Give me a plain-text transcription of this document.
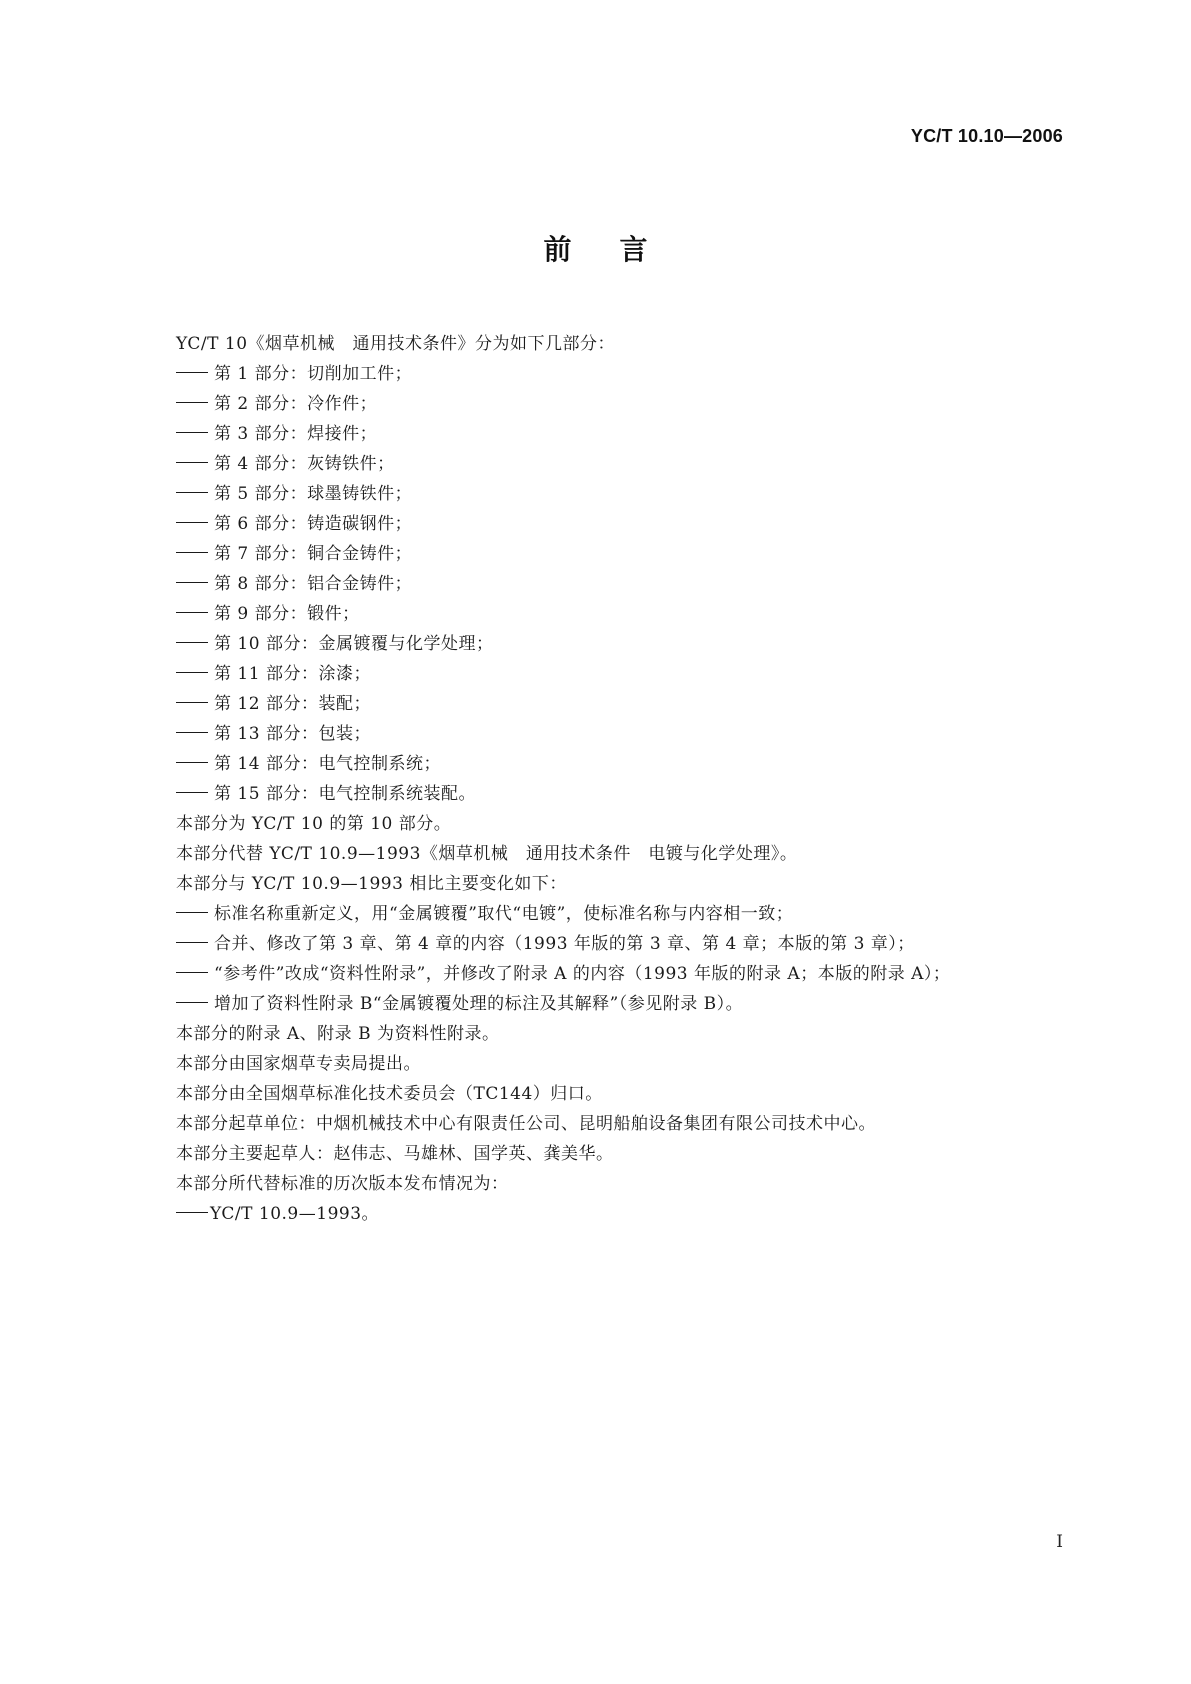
YC/T 10.10—2006
前言
YC/T 10《烟草机械　通用技术条件》分为如下几部分：
第 1 部分：切削加工件；
第 2 部分：冷作件；
第 3 部分：焊接件；
第 4 部分：灰铸铁件；
第 5 部分：球墨铸铁件；
第 6 部分：铸造碳钢件；
第 7 部分：铜合金铸件；
第 8 部分：铝合金铸件；
第 9 部分：锻件；
第 10 部分：金属镀覆与化学处理；
第 11 部分：涂漆；
第 12 部分：装配；
第 13 部分：包装；
第 14 部分：电气控制系统；
第 15 部分：电气控制系统装配。
本部分为 YC/T 10 的第 10 部分。
本部分代替 YC/T 10.9—1993《烟草机械　通用技术条件　电镀与化学处理》。
本部分与 YC/T 10.9—1993 相比主要变化如下：
标准名称重新定义，用“金属镀覆”取代“电镀”，使标准名称与内容相一致；
合并、修改了第 3 章、第 4 章的内容（1993 年版的第 3 章、第 4 章；本版的第 3 章）；
“参考件”改成“资料性附录”，并修改了附录 A 的内容（1993 年版的附录 A；本版的附录 A）；
增加了资料性附录 B“金属镀覆处理的标注及其解释”（参见附录 B）。
本部分的附录 A、附录 B 为资料性附录。
本部分由国家烟草专卖局提出。
本部分由全国烟草标准化技术委员会（TC144）归口。
本部分起草单位：中烟机械技术中心有限责任公司、昆明船舶设备集团有限公司技术中心。
本部分主要起草人：赵伟志、马雄林、国学英、龚美华。
本部分所代替标准的历次版本发布情况为：
YC/T 10.9—1993。
I
